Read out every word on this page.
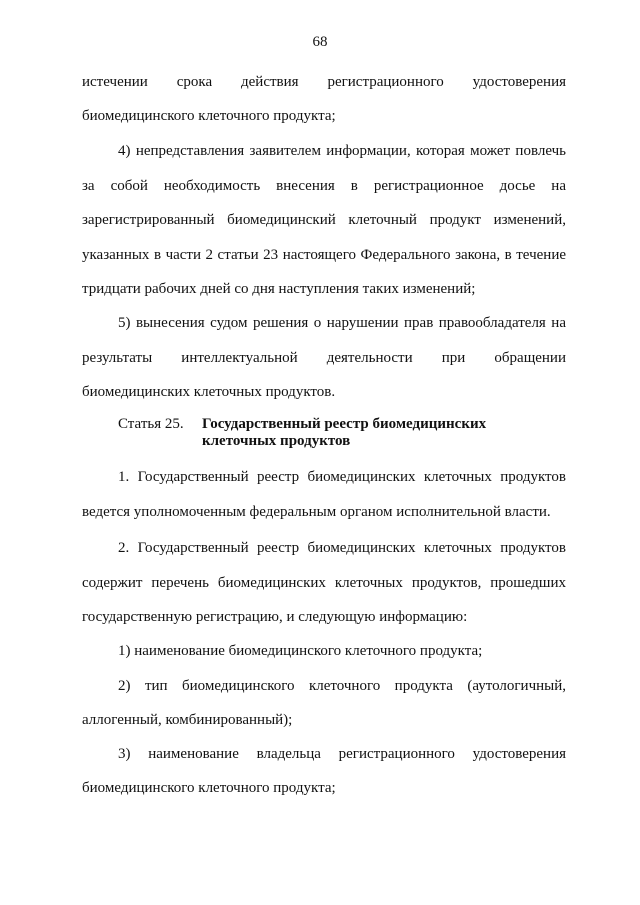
68
истечении срока действия регистрационного удостоверения
биомедицинского клеточного продукта;
4) непредставления заявителем информации, которая может повлечь
за собой необходимость внесения в регистрационное досье на
зарегистрированный биомедицинский клеточный продукт изменений,
указанных в части 2 статьи 23 настоящего Федерального закона, в течение
тридцати рабочих дней со дня наступления таких изменений;
5) вынесения судом решения о нарушении прав правообладателя на
результаты интеллектуальной деятельности при обращении
биомедицинских клеточных продуктов.
Статья 25. Государственный реестр биомедицинских
клеточных продуктов
1. Государственный реестр биомедицинских клеточных продуктов
ведется уполномоченным федеральным органом исполнительной власти.
2. Государственный реестр биомедицинских клеточных продуктов
содержит перечень биомедицинских клеточных продуктов, прошедших
государственную регистрацию, и следующую информацию:
1) наименование биомедицинского клеточного продукта;
2) тип биомедицинского клеточного продукта (аутологичный,
аллогенный, комбинированный);
3) наименование владельца регистрационного удостоверения
биомедицинского клеточного продукта;
